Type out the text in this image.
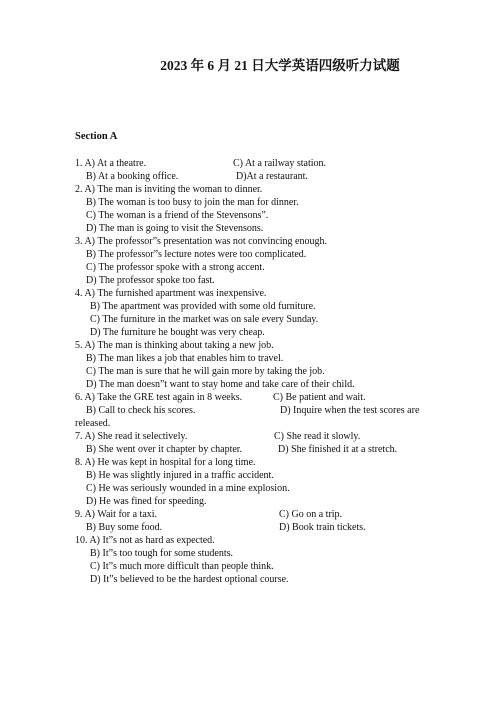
2023 年 6 月 21 日大学英语四级听力试题
Section A
1. A) At a theatre.	C) At a railway station.
B) At a booking office.	D)At a restaurant.
2. A) The man is inviting the woman to dinner.
B) The woman is too busy to join the man for dinner.
C) The woman is a friend of the Stevensons”.
D) The man is going to visit the Stevensons.
3. A) The professor”s presentation was not convincing enough.
B) The professor”s lecture notes were too complicated.
C) The professor spoke with a strong accent.
D) The professor spoke too fast.
4. A) The furnished apartment was inexpensive.
B) The apartment was provided with some old furniture.
C) The furniture in the market was on sale every Sunday.
D) The furniture he bought was very cheap.
5. A) The man is thinking about taking a new job.
B) The man likes a job that enables him to travel.
C) The man is sure that he will gain more by taking the job.
D) The man doesn”t want to stay home and take care of their child.
6. A) Take the GRE test again in 8 weeks.	C) Be patient and wait.
B) Call to check his scores.	D) Inquire when the test scores are
released.
7. A) She read it selectively.	C) She read it slowly.
B) She went over it chapter by chapter.	D) She finished it at a stretch.
8. A) He was kept in hospital for a long time.
B) He was slightly injured in a traffic accident.
C) He was seriously wounded in a mine explosion.
D) He was fined for speeding.
9. A) Wait for a taxi.	C) Go on a trip.
B) Buy some food.	D) Book train tickets.
10. A) It”s not as hard as expected.
B) It”s too tough for some students.
C) It”s much more difficult than people think.
D) It”s believed to be the hardest optional course.
